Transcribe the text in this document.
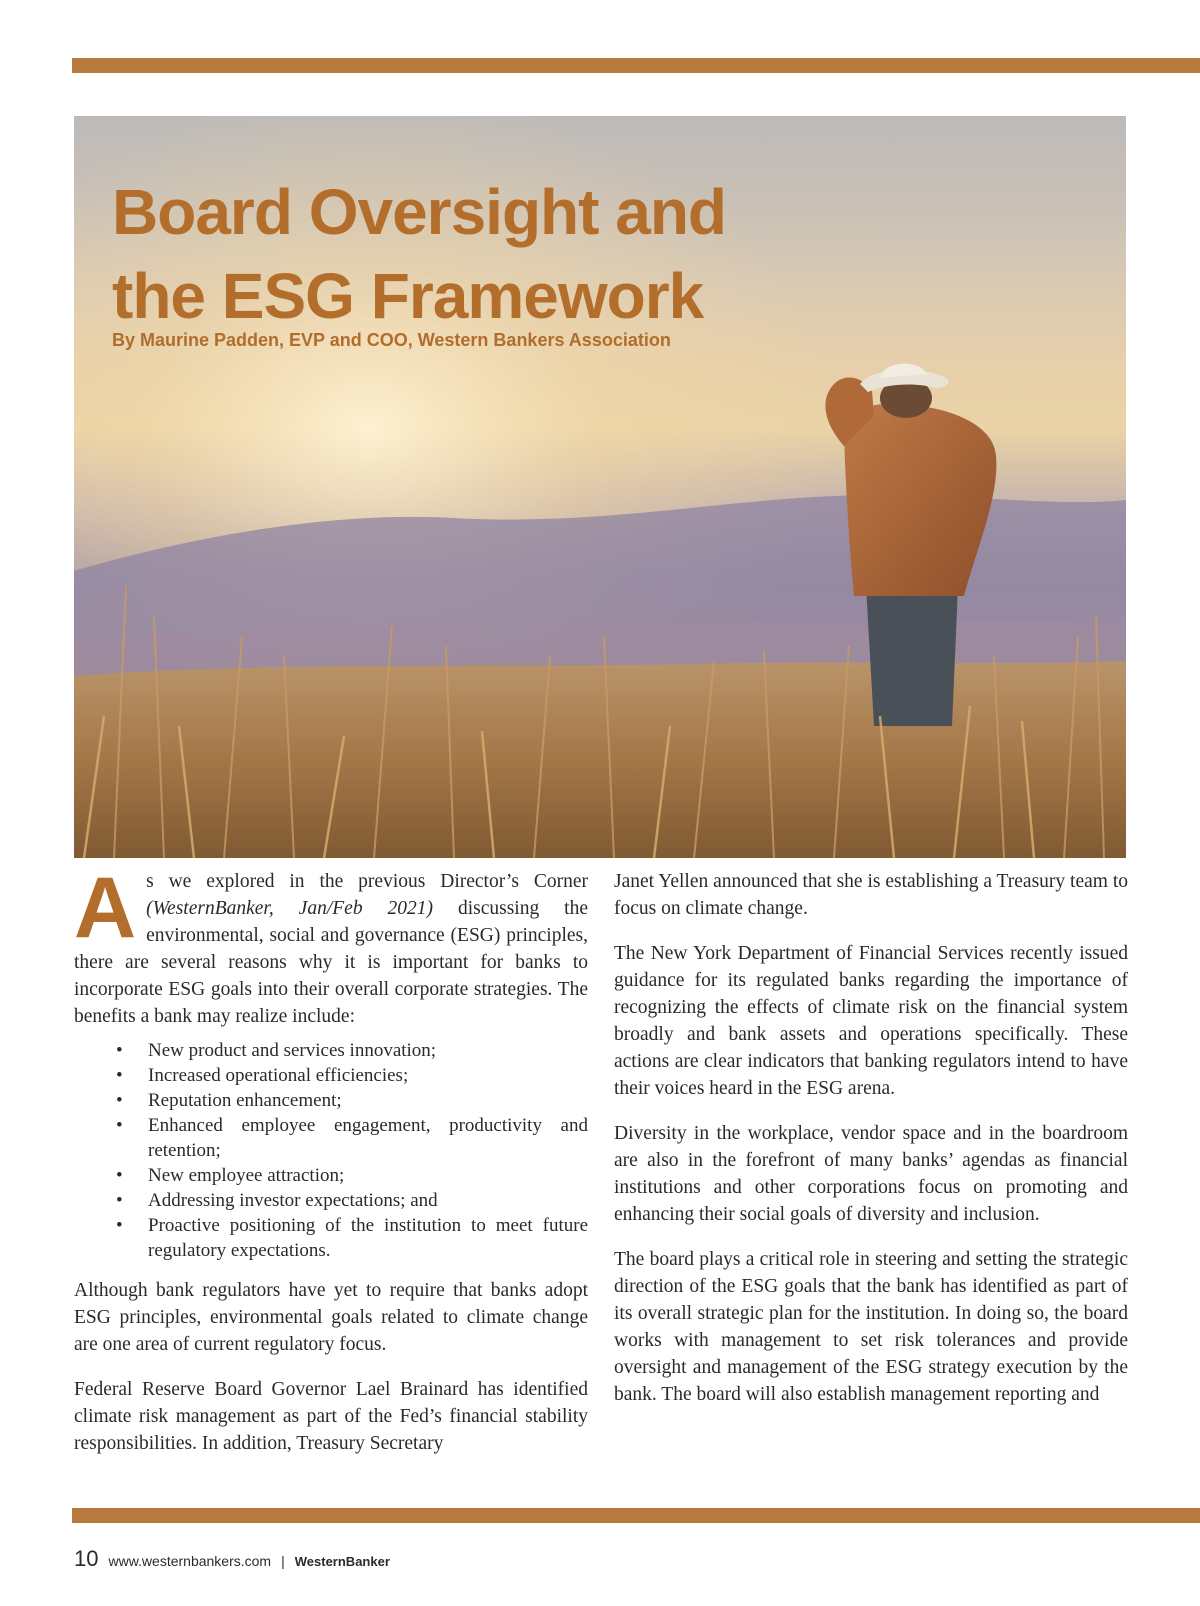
Board Oversight and
the ESG Framework
By Maurine Padden, EVP and COO, Western Bankers Association

As we explored in the previous Director’s Corner (WesternBanker, Jan/Feb 2021) discussing the environmental, social and governance (ESG) principles, there are several reasons why it is important for banks to incorporate ESG goals into their overall corporate strategies. The benefits a bank may realize include:

• New product and services innovation;
• Increased operational efficiencies;
• Reputation enhancement;
• Enhanced employee engagement, productivity and retention;
• New employee attraction;
• Addressing investor expectations; and
• Proactive positioning of the institution to meet future regulatory expectations.

Although bank regulators have yet to require that banks adopt ESG principles, environmental goals related to climate change are one area of current regulatory focus.

Federal Reserve Board Governor Lael Brainard has identified climate risk management as part of the Fed’s financial stability responsibilities. In addition, Treasury Secretary

Janet Yellen announced that she is establishing a Treasury team to focus on climate change.

The New York Department of Financial Services recently issued guidance for its regulated banks regarding the importance of recognizing the effects of climate risk on the financial system broadly and bank assets and operations specifically. These actions are clear indicators that banking regulators intend to have their voices heard in the ESG arena.

Diversity in the workplace, vendor space and in the boardroom are also in the forefront of many banks’ agendas as financial institutions and other corporations focus on promoting and enhancing their social goals of diversity and inclusion.

The board plays a critical role in steering and setting the strategic direction of the ESG goals that the bank has identified as part of its overall strategic plan for the institution. In doing so, the board works with management to set risk tolerances and provide oversight and management of the ESG strategy execution by the bank. The board will also establish management reporting and

10 www.westernbankers.com | WesternBanker
